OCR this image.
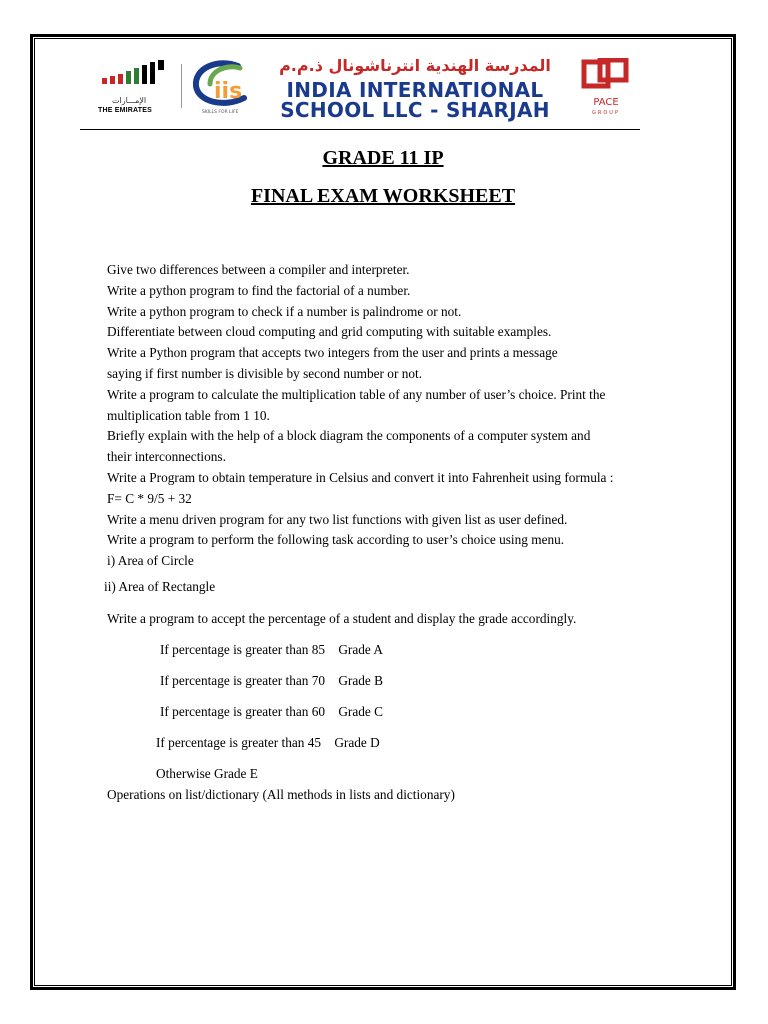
الإمـــارات
THE EMIRATES
iis
SKILLS FOR LIFE
المدرسة الهندية انترناشونال ذ.م.م
INDIA INTERNATIONAL
SCHOOL LLC - SHARJAH	PACE
GROUP
GRADE 11 IP
FINAL EXAM WORKSHEET
Give two differences between a compiler and interpreter.
Write a python program to find the factorial of a number.
Write a python program to check if a number is palindrome or not.
Differentiate between cloud computing and grid computing with suitable examples.
Write a Python program that accepts two integers from the user and prints a message
saying if first number is divisible by second number or not.
Write a program to calculate the multiplication table of any number of user’s choice. Print the
multiplication table from 1 10.
Briefly explain with the help of a block diagram the components of a computer system and
their interconnections.
Write a Program to obtain temperature in Celsius and convert it into Fahrenheit using formula :
F= C * 9/5 + 32
Write a menu driven program for any two list functions with given list as user defined.
Write a program to perform the following task according to user’s choice using menu.
i) Area of Circle
ii) Area of Rectangle
Write a program to accept the percentage of a student and display the grade accordingly.
If percentage is greater than 85    Grade A
If percentage is greater than 70    Grade B
If percentage is greater than 60    Grade C
If percentage is greater than 45    Grade D
Otherwise Grade E
Operations on list/dictionary (All methods in lists and dictionary)
